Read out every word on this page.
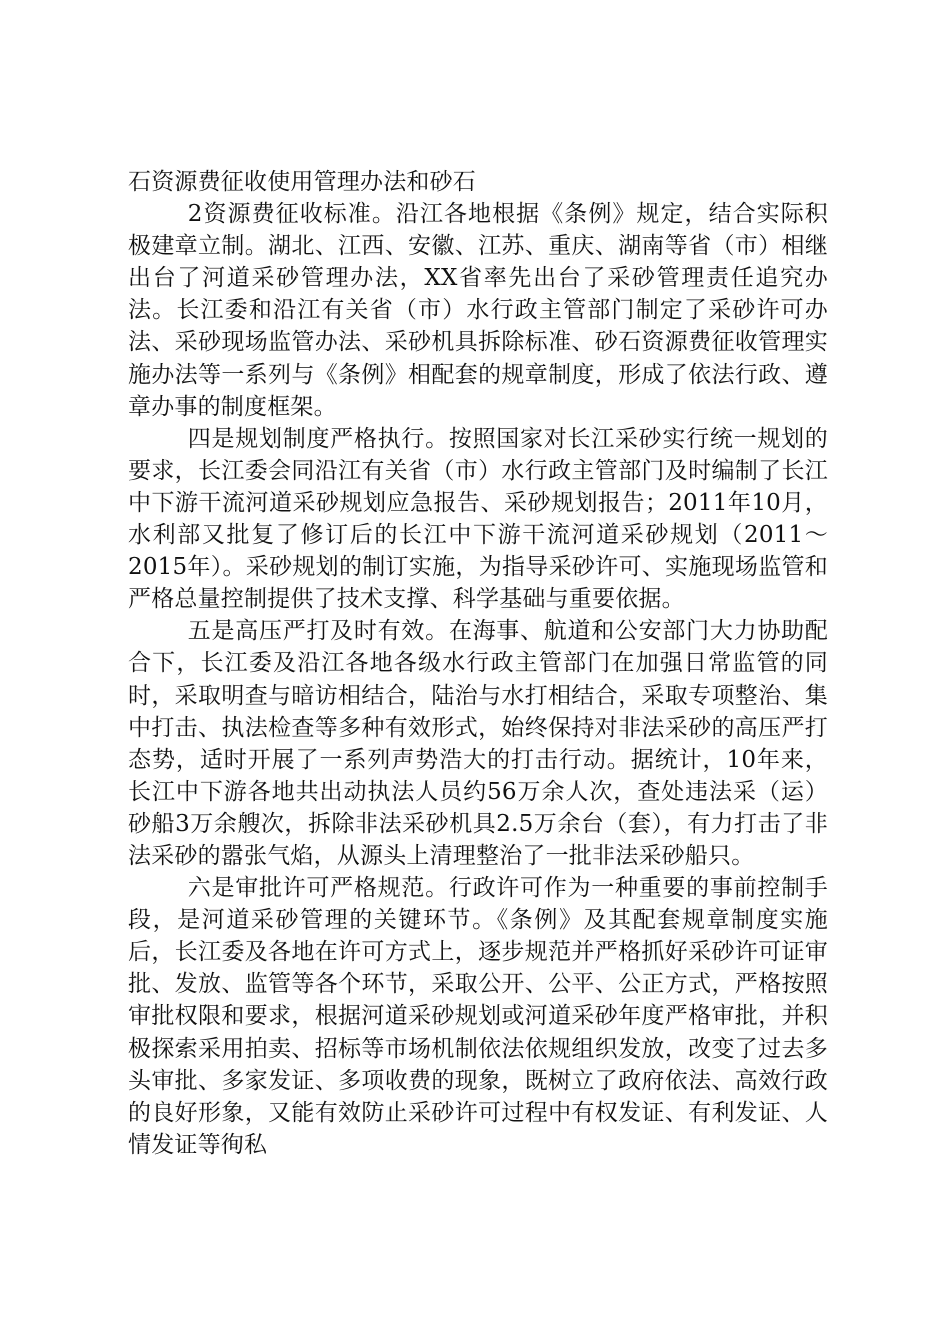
石资源费征收使用管理办法和砂石

2资源费征收标准。沿江各地根据《条例》规定，结合实际积极建章立制。湖北、江西、安徽、江苏、重庆、湖南等省（市）相继出台了河道采砂管理办法，XX省率先出台了采砂管理责任追究办法。长江委和沿江有关省（市）水行政主管部门制定了采砂许可办法、采砂现场监管办法、采砂机具拆除标准、砂石资源费征收管理实施办法等一系列与《条例》相配套的规章制度，形成了依法行政、遵章办事的制度框架。

四是规划制度严格执行。按照国家对长江采砂实行统一规划的要求，长江委会同沿江有关省（市）水行政主管部门及时编制了长江中下游干流河道采砂规划应急报告、采砂规划报告；2011年10月，水利部又批复了修订后的长江中下游干流河道采砂规划（2011～2015年）。采砂规划的制订实施，为指导采砂许可、实施现场监管和严格总量控制提供了技术支撑、科学基础与重要依据。

五是高压严打及时有效。在海事、航道和公安部门大力协助配合下，长江委及沿江各地各级水行政主管部门在加强日常监管的同时，采取明查与暗访相结合，陆治与水打相结合，采取专项整治、集中打击、执法检查等多种有效形式，始终保持对非法采砂的高压严打态势，适时开展了一系列声势浩大的打击行动。据统计，10年来，长江中下游各地共出动执法人员约56万余人次，查处违法采（运）砂船3万余艘次，拆除非法采砂机具2.5万余台（套），有力打击了非法采砂的嚣张气焰，从源头上清理整治了一批非法采砂船只。

六是审批许可严格规范。行政许可作为一种重要的事前控制手段，是河道采砂管理的关键环节。《条例》及其配套规章制度实施后，长江委及各地在许可方式上，逐步规范并严格抓好采砂许可证审批、发放、监管等各个环节，采取公开、公平、公正方式，严格按照审批权限和要求，根据河道采砂规划或河道采砂年度严格审批，并积极探索采用拍卖、招标等市场机制依法依规组织发放，改变了过去多头审批、多家发证、多项收费的现象，既树立了政府依法、高效行政的良好形象，又能有效防止采砂许可过程中有权发证、有利发证、人情发证等徇私
